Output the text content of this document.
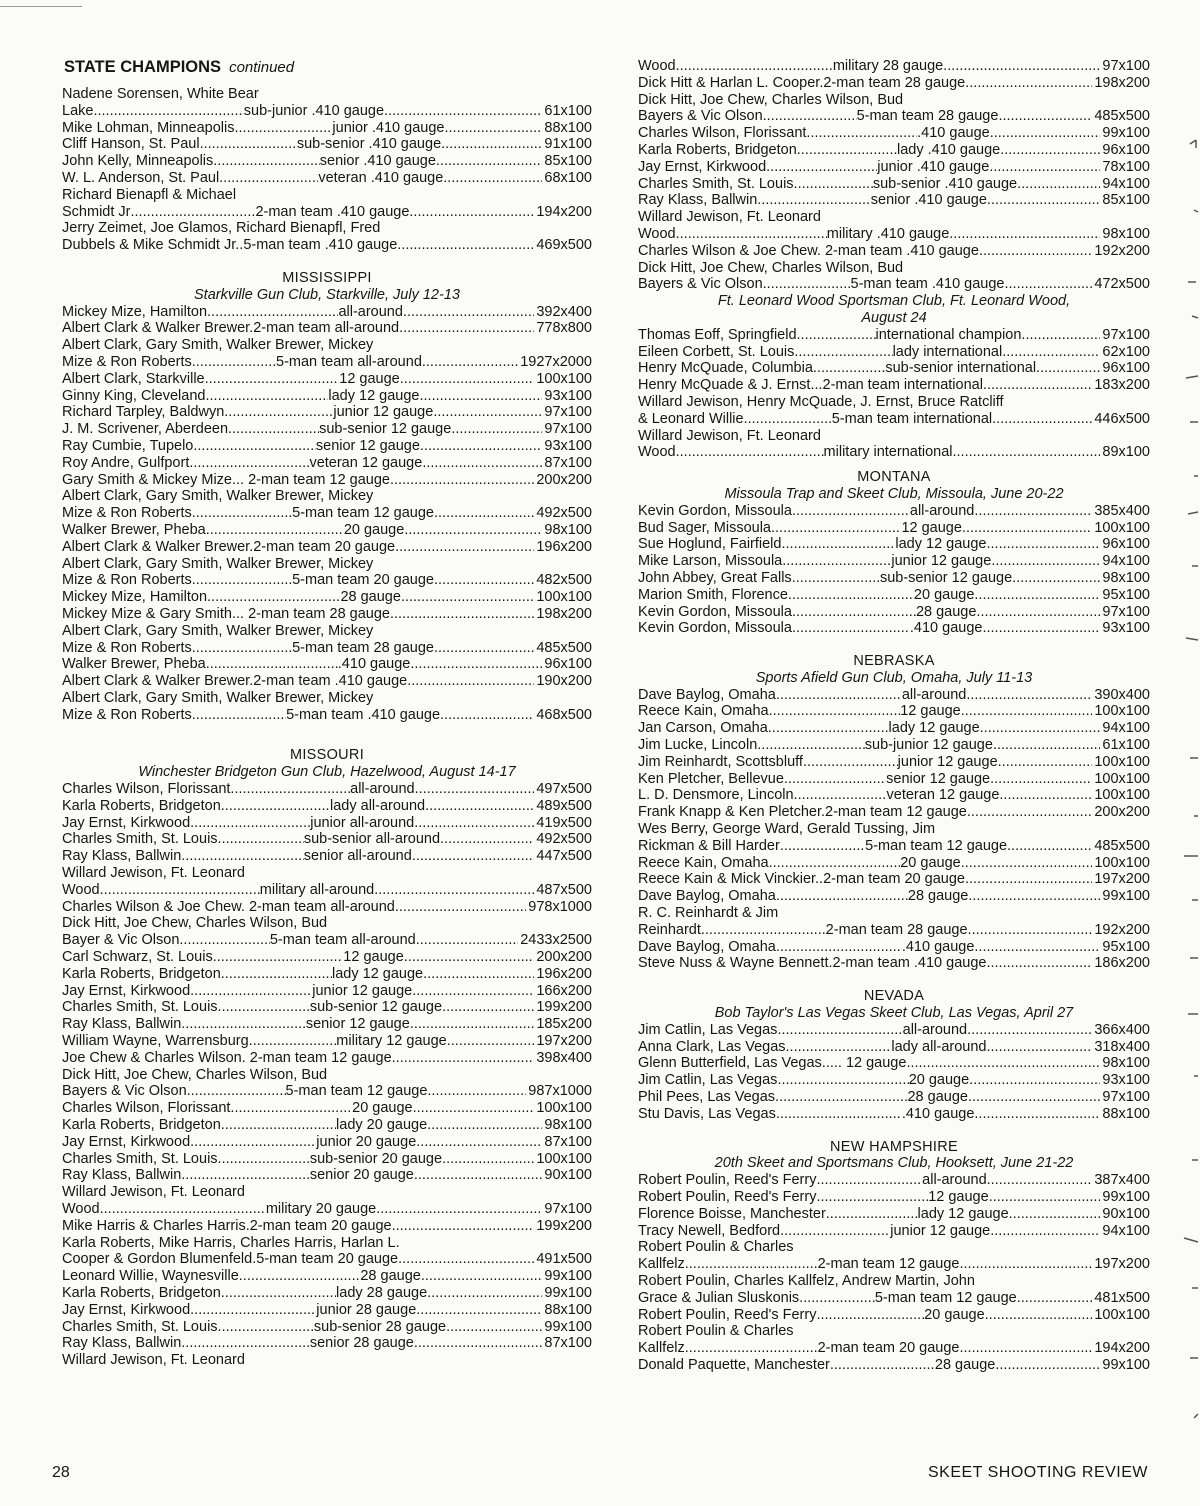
STATE CHAMPIONS continued
Nadene Sorensen, White Bear
Lake .....	sub-junior .410 gauge.. .....	61x100
Mike Lohman, Minneapolis .....	junior .410 gauge .....	88x100
Cliff Hanson, St. Paul .....	sub-senior .410 gauge. .....	91x100
John Kelly, Minneapolis .....	senior .410 gauge .....	85x100
W. L. Anderson, St. Paul .....	veteran .410 gauge .....	68x100
Richard Bienapfl & Michael
Schmidt Jr .....	2-man team .410 gauge .....	194x200
Jerry Zeimet, Joe Glamos, Richard Bienapfl, Fred
Dubbels & Mike Schmidt Jr..5-man team .410 gauge .....	469x500
MISSISSIPPI
Starkville Gun Club, Starkville, July 12-13
Mickey Mize, Hamilton .....	all-around .....	392x400
Albert Clark & Walker Brewer.2-man team all-around .....	778x800
Albert Clark, Gary Smith, Walker Brewer, Mickey
Mize & Ron Roberts .....	5-man team all-around... .....	1927x2000
Albert Clark, Starkville .....	12 gauge .....	100x100
Ginny King, Cleveland .....	lady 12 gauge .....	93x100
Richard Tarpley, Baldwyn .....	junior 12 gauge .....	97x100
J. M. Scrivener, Aberdeen .....	sub-senior 12 gauge .....	97x100
Ray Cumbie, Tupelo .....	senior 12 gauge .....	93x100
Roy Andre, Gulfport .....	veteran 12 gauge .....	87x100
Gary Smith & Mickey Mize... 2-man team 12 gauge .....	200x200
Albert Clark, Gary Smith, Walker Brewer, Mickey
Mize & Ron Roberts .....	5-man team 12 gauge .....	492x500
Walker Brewer, Pheba .....	20 gauge .....	98x100
Albert Clark & Walker Brewer.2-man team 20 gauge .....	196x200
Albert Clark, Gary Smith, Walker Brewer, Mickey
Mize & Ron Roberts .....	5-man team 20 gauge .....	482x500
Mickey Mize, Hamilton .....	28 gauge .....	100x100
Mickey Mize & Gary Smith... 2-man team 28 gauge .....	198x200
Albert Clark, Gary Smith, Walker Brewer, Mickey
Mize & Ron Roberts .....	5-man team 28 gauge .....	485x500
Walker Brewer, Pheba .....	.410 gauge .....	96x100
Albert Clark & Walker Brewer.2-man team .410 gauge .....	190x200
Albert Clark, Gary Smith, Walker Brewer, Mickey
Mize & Ron Roberts .....	5-man team .410 gauge .....	468x500
MISSOURI
Winchester Bridgeton Gun Club, Hazelwood, August 14-17
Charles Wilson, Florissant .....	all-around .....	497x500
Karla Roberts, Bridgeton .....	lady all-around .....	489x500
Jay Ernst, Kirkwood .....	junior all-around .....	419x500
Charles Smith, St. Louis .....	sub-senior all-around.. .....	492x500
Ray Klass, Ballwin .....	senior all-around .....	447x500
Willard Jewison, Ft. Leonard
Wood .....	military all-around .....	487x500
Charles Wilson & Joe Chew. 2-man team all-around .....	978x1000
Dick Hitt, Joe Chew, Charles Wilson, Bud
Bayer & Vic Olson .....	5-man team all-around... .....	2433x2500
Carl Schwarz, St. Louis .....	12 gauge .....	200x200
Karla Roberts, Bridgeton .....	lady 12 gauge .....	196x200
Jay Ernst, Kirkwood .....	junior 12 gauge .....	166x200
Charles Smith, St. Louis .....	sub-senior 12 gauge .....	199x200
Ray Klass, Ballwin .....	senior 12 gauge .....	185x200
William Wayne, Warrensburg .....	military 12 gauge .....	197x200
Joe Chew & Charles Wilson. 2-man team 12 gauge .....	398x400
Dick Hitt, Joe Chew, Charles Wilson, Bud
Bayers & Vic Olson .....	5-man team 12 gauge .....	987x1000
Charles Wilson, Florissant .....	20 gauge .....	100x100
Karla Roberts, Bridgeton .....	lady 20 gauge .....	98x100
Jay Ernst, Kirkwood .....	junior 20 gauge .....	87x100
Charles Smith, St. Louis .....	sub-senior 20 gauge .....	100x100
Ray Klass, Ballwin .....	senior 20 gauge .....	90x100
Willard Jewison, Ft. Leonard
Wood .....	military 20 gauge .....	97x100
Mike Harris & Charles Harris.2-man team 20 gauge .....	199x200
Karla Roberts, Mike Harris, Charles Harris, Harlan L.
Cooper & Gordon Blumenfeld.5-man team 20 gauge .....	491x500
Leonard Willie, Waynesville .....	28 gauge .....	99x100
Karla Roberts, Bridgeton .....	lady 28 gauge .....	99x100
Jay Ernst, Kirkwood .....	junior 28 gauge .....	88x100
Charles Smith, St. Louis .....	sub-senior 28 gauge .....	99x100
Ray Klass, Ballwin .....	senior 28 gauge .....	87x100
Willard Jewison, Ft. Leonard
Wood .....	military 28 gauge .....	97x100
Dick Hitt & Harlan L. Cooper.2-man team 28 gauge .....	198x200
Dick Hitt, Joe Chew, Charles Wilson, Bud
Bayers & Vic Olson .....	5-man team 28 gauge .....	485x500
Charles Wilson, Florissant .....	.410 gauge .....	99x100
Karla Roberts, Bridgeton .....	lady .410 gauge .....	96x100
Jay Ernst, Kirkwood .....	junior .410 gauge .....	78x100
Charles Smith, St. Louis .....	sub-senior .410 gauge. .....	94x100
Ray Klass, Ballwin .....	senior .410 gauge .....	85x100
Willard Jewison, Ft. Leonard
Wood .....	military .410 gauge .....	98x100
Charles Wilson & Joe Chew. 2-man team .410 gauge .....	192x200
Dick Hitt, Joe Chew, Charles Wilson, Bud
Bayers & Vic Olson .....	5-man team .410 gauge .....	472x500
Ft. Leonard Wood Sportsman Club, Ft. Leonard Wood,
August 24
Thomas Eoff, Springfield .....	international champion .....	97x100
Eileen Corbett, St. Louis .....	lady international .....	62x100
Henry McQuade, Columbia.. .....	sub-senior international .....	96x100
Henry McQuade & J. Ernst...2-man team international... .....	183x200
Willard Jewison, Henry McQuade, J. Ernst, Bruce Ratcliff
& Leonard Willie .....	5-man team international... .....	446x500
Willard Jewison, Ft. Leonard
Wood .....	military international .....	89x100
MONTANA
Missoula Trap and Skeet Club, Missoula, June 20-22
Kevin Gordon, Missoula .....	all-around .....	385x400
Bud Sager, Missoula .....	12 gauge .....	100x100
Sue Hoglund, Fairfield .....	lady 12 gauge .....	96x100
Mike Larson, Missoula .....	junior 12 gauge .....	94x100
John Abbey, Great Falls .....	sub-senior 12 gauge .....	98x100
Marion Smith, Florence .....	20 gauge .....	95x100
Kevin Gordon, Missoula .....	28 gauge .....	97x100
Kevin Gordon, Missoula .....	.410 gauge .....	93x100
NEBRASKA
Sports Afield Gun Club, Omaha, July 11-13
Dave Baylog, Omaha .....	all-around .....	390x400
Reece Kain, Omaha .....	12 gauge .....	100x100
Jan Carson, Omaha .....	lady 12 gauge .....	94x100
Jim Lucke, Lincoln .....	sub-junior 12 gauge .....	61x100
Jim Reinhardt, Scottsbluff .....	junior 12 gauge .....	100x100
Ken Pletcher, Bellevue .....	senior 12 gauge .....	100x100
L. D. Densmore, Lincoln .....	veteran 12 gauge .....	100x100
Frank Knapp & Ken Pletcher.2-man team 12 gauge .....	200x200
Wes Berry, George Ward, Gerald Tussing, Jim
Rickman & Bill Harder .....	5-man team 12 gauge .....	485x500
Reece Kain, Omaha .....	20 gauge .....	100x100
Reece Kain & Mick Vinckier..2-man team 20 gauge .....	197x200
Dave Baylog, Omaha .....	28 gauge .....	99x100
R. C. Reinhardt & Jim
Reinhardt .....	2-man team 28 gauge .....	192x200
Dave Baylog, Omaha .....	.410 gauge .....	95x100
Steve Nuss & Wayne Bennett.2-man team .410 gauge .....	186x200
NEVADA
Bob Taylor's Las Vegas Skeet Club, Las Vegas, April 27
Jim Catlin, Las Vegas .....	all-around .....	366x400
Anna Clark, Las Vegas .....	lady all-around .....	318x400
Glenn Butterfield, Las Vegas..... 12 gauge .....	98x100
Jim Catlin, Las Vegas .....	20 gauge .....	93x100
Phil Pees, Las Vegas .....	28 gauge .....	97x100
Stu Davis, Las Vegas .....	.410 gauge .....	88x100
NEW HAMPSHIRE
20th Skeet and Sportsmans Club, Hooksett, June 21-22
Robert Poulin, Reed's Ferry .....	all-around .....	387x400
Robert Poulin, Reed's Ferry .....	12 gauge .....	99x100
Florence Boisse, Manchester .....	lady 12 gauge .....	90x100
Tracy Newell, Bedford .....	junior 12 gauge .....	94x100
Robert Poulin & Charles
Kallfelz .....	2-man team 12 gauge .....	197x200
Robert Poulin, Charles Kallfelz, Andrew Martin, John
Grace & Julian Sluskonis .....	5-man team 12 gauge .....	481x500
Robert Poulin, Reed's Ferry .....	20 gauge .....	100x100
Robert Poulin & Charles
Kallfelz .....	2-man team 20 gauge .....	194x200
Donald Paquette, Manchester .....	28 gauge .....	99x100
28	SKEET SHOOTING REVIEW
